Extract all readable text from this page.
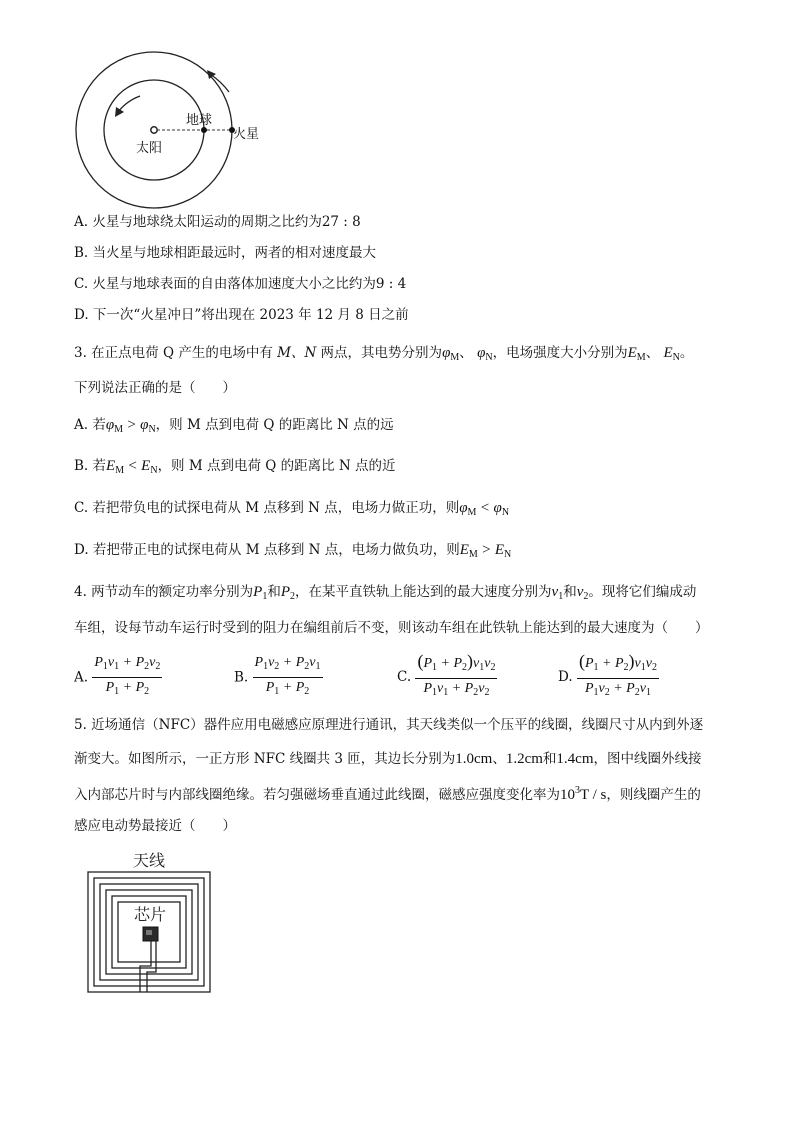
太阳
地球
火星
A. 火星与地球绕太阳运动的周期之比约为27 : 8
B. 当火星与地球相距最远时，两者的相对速度最大
C. 火星与地球表面的自由落体加速度大小之比约为9 : 4
D. 下一次“火星冲日”将出现在 2023 年 12 月 8 日之前
3. 在正点电荷 Q 产生的电场中有 M、N 两点，其电势分别为$\varphi_M$、 $\varphi_N$，电场强度大小分别为$E_M$、 $E_N$。
下列说法正确的是（　　）
A. 若$\varphi_M > \varphi_N$，则 M 点到电荷 Q 的距离比 N 点的远
B. 若$E_M < E_N$，则 M 点到电荷 Q 的距离比 N 点的近
C. 若把带负电的试探电荷从 M 点移到 N 点，电场力做正功，则$\varphi_M < \varphi_N$
D. 若把带正电的试探电荷从 M 点移到 N 点，电场力做负功，则$E_M > E_N$
4. 两节动车的额定功率分别为$P_1$和$P_2$，在某平直铁轨上能达到的最大速度分别为$v_1$和$v_2$。现将它们编成动
车组，设每节动车运行时受到的阻力在编组前后不变，则该动车组在此铁轨上能达到的最大速度为（　　）
A. $\frac{P_1v_1 + P_2v_2}{P_1 + P_2}$	B. $\frac{P_1v_2 + P_2v_1}{P_1 + P_2}$	C. $\frac{(P_1 + P_2)v_1v_2}{P_1v_1 + P_2v_2}$	D. $\frac{(P_1 + P_2)v_1v_2}{P_1v_2 + P_2v_1}$
5. 近场通信（NFC）器件应用电磁感应原理进行通讯，其天线类似一个压平的线圈，线圈尺寸从内到外逐
渐变大。如图所示，一正方形 NFC 线圈共 3 匝，其边长分别为1.0cm、1.2cm和1.4cm，图中线圈外线接
入内部芯片时与内部线圈绝缘。若匀强磁场垂直通过此线圈，磁感应强度变化率为$10^3T$ / s，则线圈产生的
感应电动势最接近（　　）
天线
芯片
